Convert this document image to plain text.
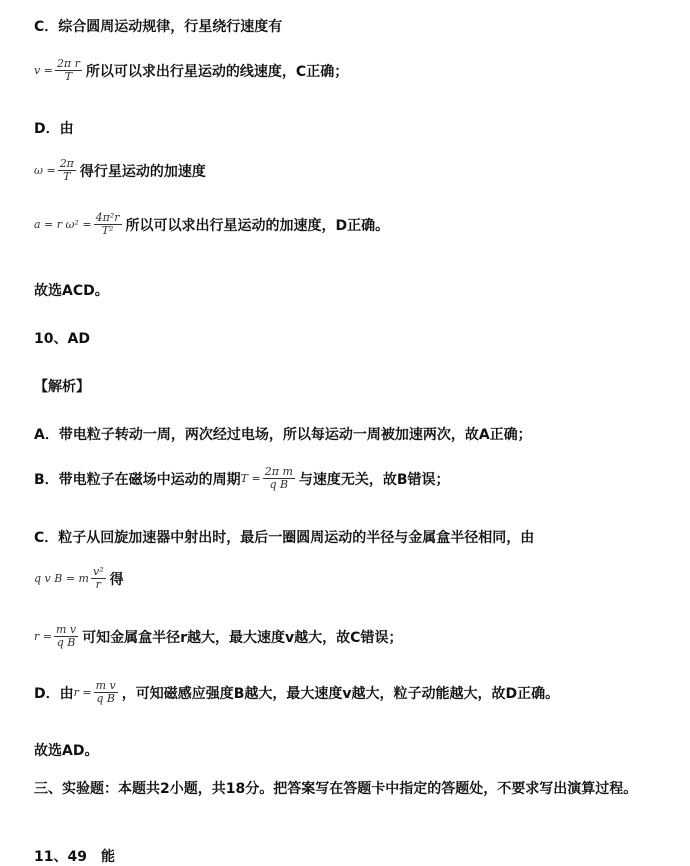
C．综合圆周运动规律，行星绕行速度有
$v = \frac{\text{2π r}}{T}$ 所以可以求出行星运动的线速度，C正确；
D．由
$\omega = \frac{2\pi}{T}$ 得行星运动的加速度
a = r $\omega^2 = \frac{\text{4π²r}}{\text{T²}}$ 所以可以求出行星运动的加速度，D正确。
故选ACD。
10、AD
【解析】
A．带电粒子转动一周，两次经过电场，所以每运动一周被加速两次，故A正确；
B．带电粒子在磁场中运动的周期 $T = \frac{\text{2π m}}{\text{q B}}$ 与速度无关，故B错误；
C．粒子从回旋加速器中射出时，最后一圈圆周运动的半径与金属盒半径相同，由
q v B = m $\frac{\text{v²}}{r}$ 得
$r = \frac{\text{m v}}{\text{q B}}$ 可知金属盒半径r越大，最大速度v越大，故C错误；
D．由 $r = \frac{\text{m v}}{\text{q B}}$ ，可知磁感应强度B越大，最大速度v越大，粒子动能越大，故D正确。
故选AD。
三、实验题：本题共2小题，共18分。把答案写在答题卡中指定的答题处，不要求写出演算过程。
11、49　能
